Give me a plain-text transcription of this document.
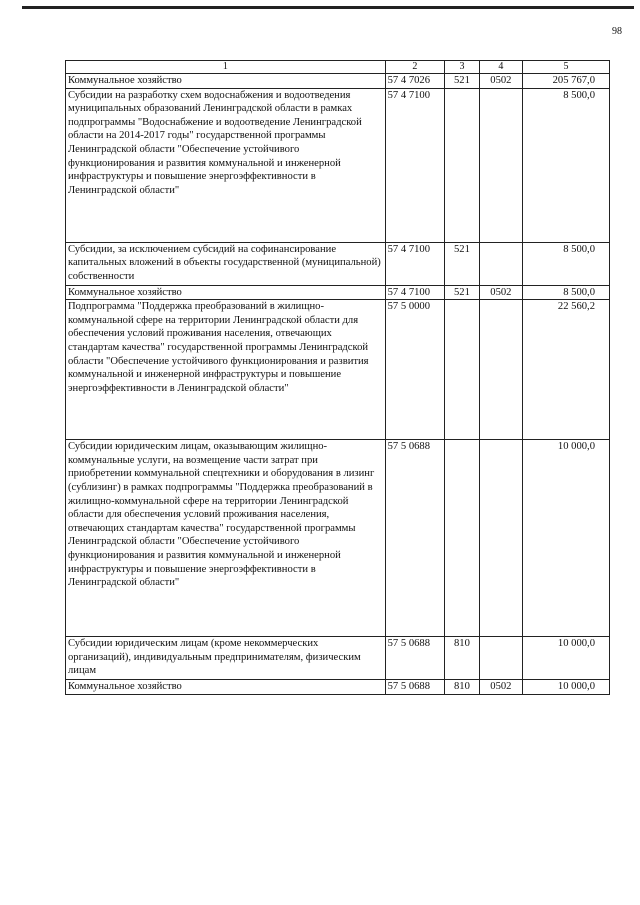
98
1	2	3	4	5
Коммунальное хозяйство	57 4 7026	521	0502	205 767,0
Субсидии на разработку схем водоснабжения и водоотведения муниципальных образований Ленинградской области в рамках подпрограммы "Водоснабжение и водоотведение Ленинградской области на 2014-2017 годы" государственной программы Ленинградской области "Обеспечение устойчивого функционирования и развития коммунальной и инженерной инфраструктуры и повышение энергоэффективности в Ленинградской области"	57 4 7100			8 500,0
Субсидии, за исключением субсидий на софинансирование капитальных вложений в объекты государственной (муниципальной) собственности	57 4 7100	521		8 500,0
Коммунальное хозяйство	57 4 7100	521	0502	8 500,0
Подпрограмма "Поддержка преобразований в жилищно-коммунальной сфере на территории Ленинградской области для обеспечения условий проживания населения, отвечающих стандартам качества" государственной программы Ленинградской области "Обеспечение устойчивого функционирования и развития коммунальной и инженерной инфраструктуры и повышение энергоэффективности в Ленинградской области"	57 5 0000			22 560,2
Субсидии юридическим лицам, оказывающим жилищно-коммунальные услуги, на возмещение части затрат при приобретении коммунальной спецтехники и оборудования в лизинг (сублизинг) в рамках подпрограммы "Поддержка преобразований в жилищно-коммунальной сфере на территории Ленинградской области для обеспечения условий проживания населения, отвечающих стандартам качества" государственной программы Ленинградской области "Обеспечение устойчивого функционирования и развития коммунальной и инженерной инфраструктуры и повышение энергоэффективности в Ленинградской области"	57 5 0688			10 000,0
Субсидии юридическим лицам (кроме некоммерческих организаций), индивидуальным предпринимателям, физическим лицам	57 5 0688	810		10 000,0
Коммунальное хозяйство	57 5 0688	810	0502	10 000,0
